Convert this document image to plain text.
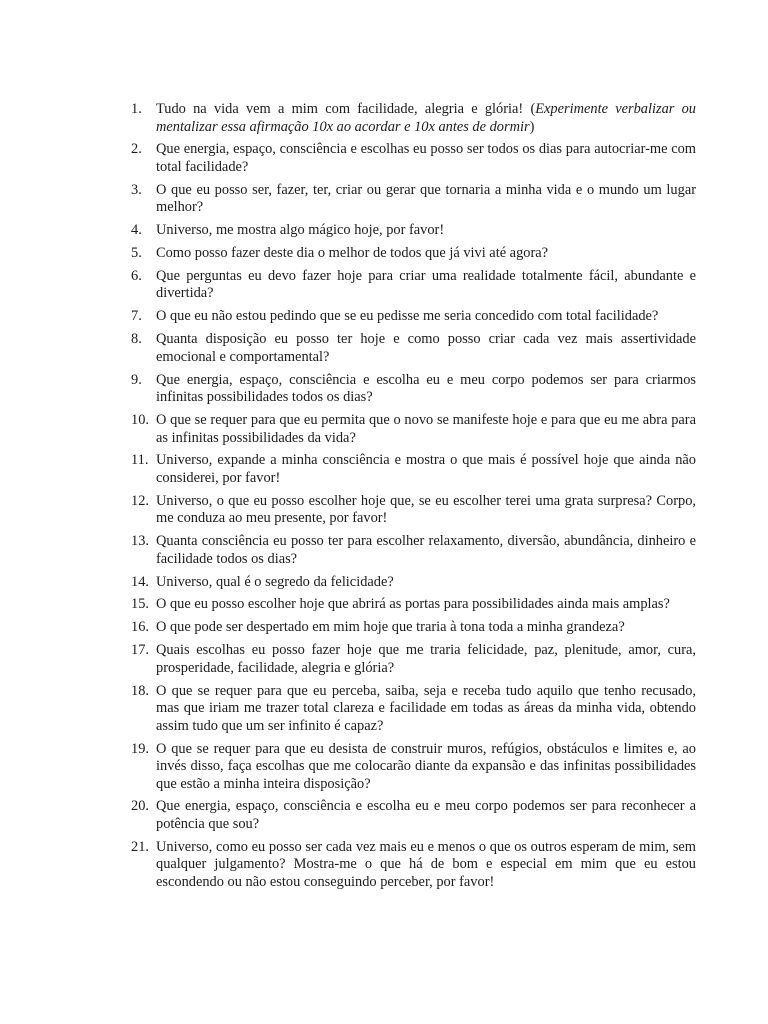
1. Tudo na vida vem a mim com facilidade, alegria e glória! (Experimente verbalizar ou mentalizar essa afirmação 10x ao acordar e 10x antes de dormir)
2. Que energia, espaço, consciência e escolhas eu posso ser todos os dias para autocriar-me com total facilidade?
3. O que eu posso ser, fazer, ter, criar ou gerar que tornaria a minha vida e o mundo um lugar melhor?
4. Universo, me mostra algo mágico hoje, por favor!
5. Como posso fazer deste dia o melhor de todos que já vivi até agora?
6. Que perguntas eu devo fazer hoje para criar uma realidade totalmente fácil, abundante e divertida?
7. O que eu não estou pedindo que se eu pedisse me seria concedido com total facilidade?
8. Quanta disposição eu posso ter hoje e como posso criar cada vez mais assertividade emocional e comportamental?
9. Que energia, espaço, consciência e escolha eu e meu corpo podemos ser para criarmos infinitas possibilidades todos os dias?
10. O que se requer para que eu permita que o novo se manifeste hoje e para que eu me abra para as infinitas possibilidades da vida?
11. Universo, expande a minha consciência e mostra o que mais é possível hoje que ainda não considerei, por favor!
12. Universo, o que eu posso escolher hoje que, se eu escolher terei uma grata surpresa? Corpo, me conduza ao meu presente, por favor!
13. Quanta consciência eu posso ter para escolher relaxamento, diversão, abundância, dinheiro e facilidade todos os dias?
14. Universo, qual é o segredo da felicidade?
15. O que eu posso escolher hoje que abrirá as portas para possibilidades ainda mais amplas?
16. O que pode ser despertado em mim hoje que traria à tona toda a minha grandeza?
17. Quais escolhas eu posso fazer hoje que me traria felicidade, paz, plenitude, amor, cura, prosperidade, facilidade, alegria e glória?
18. O que se requer para que eu perceba, saiba, seja e receba tudo aquilo que tenho recusado, mas que iriam me trazer total clareza e facilidade em todas as áreas da minha vida, obtendo assim tudo que um ser infinito é capaz?
19. O que se requer para que eu desista de construir muros, refúgios, obstáculos e limites e, ao invés disso, faça escolhas que me colocarão diante da expansão e das infinitas possibilidades que estão a minha inteira disposição?
20. Que energia, espaço, consciência e escolha eu e meu corpo podemos ser para reconhecer a potência que sou?
21. Universo, como eu posso ser cada vez mais eu e menos o que os outros esperam de mim, sem qualquer julgamento? Mostra-me o que há de bom e especial em mim que eu estou escondendo ou não estou conseguindo perceber, por favor!
